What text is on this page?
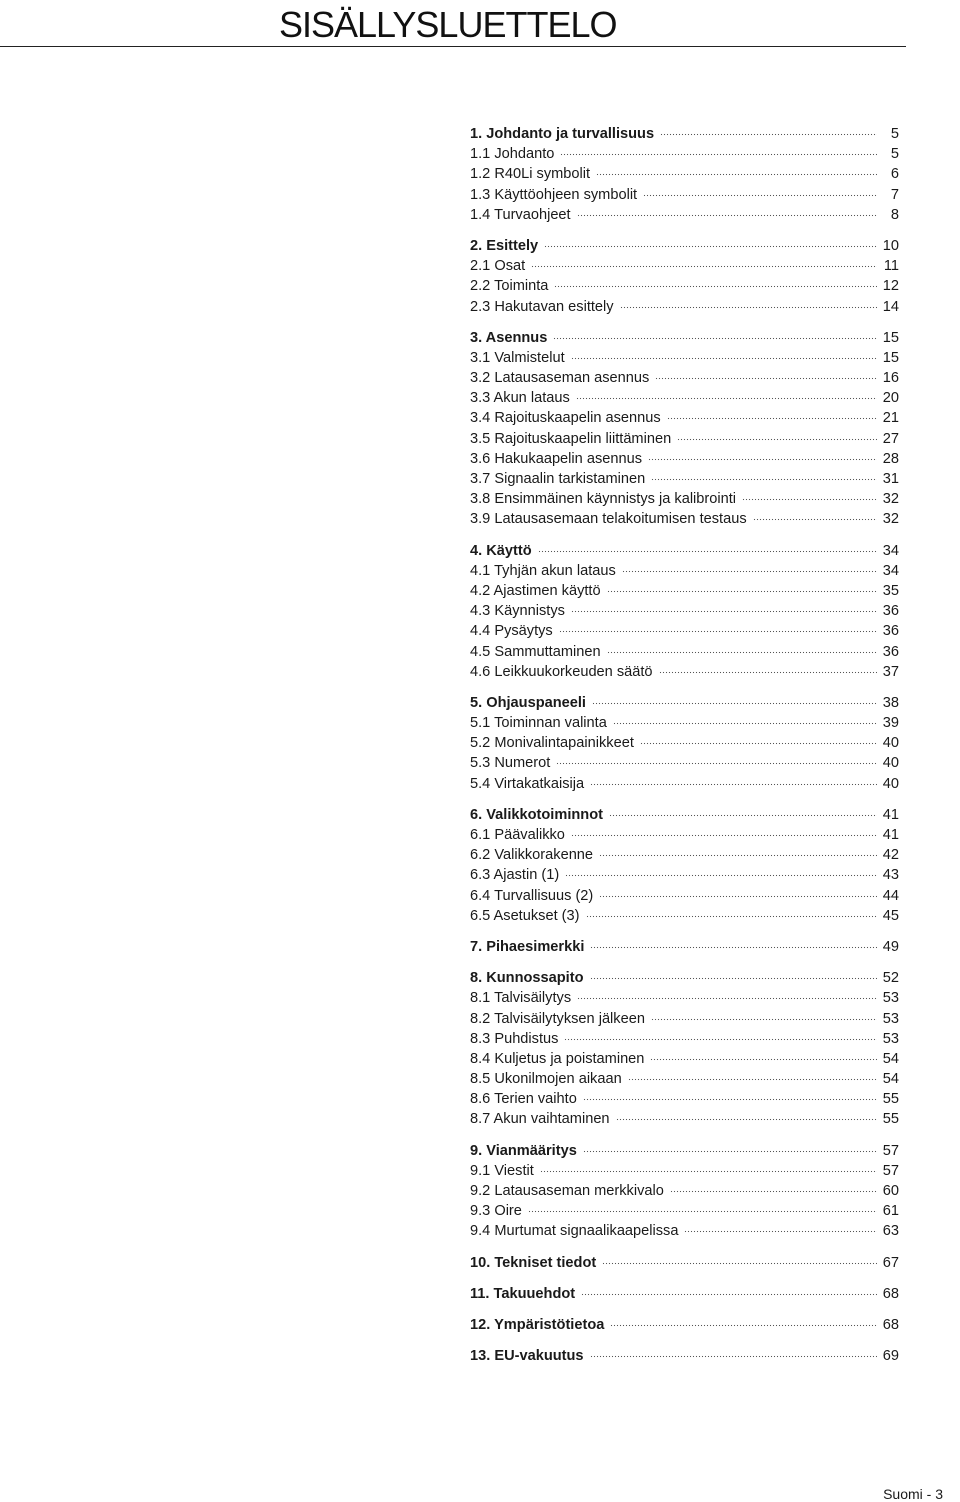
SISÄLLYSLUETTELO
1. Johdanto ja turvallisuus	5
1.1 Johdanto	5
1.2 R40Li symbolit	6
1.3 Käyttöohjeen symbolit	7
1.4 Turvaohjeet	8
2. Esittely	10
2.1 Osat	11
2.2 Toiminta	12
2.3 Hakutavan esittely	14
3. Asennus	15
3.1 Valmistelut	15
3.2 Latausaseman asennus	16
3.3 Akun lataus	20
3.4 Rajoituskaapelin asennus	21
3.5 Rajoituskaapelin liittäminen	27
3.6 Hakukaapelin asennus	28
3.7 Signaalin tarkistaminen	31
3.8 Ensimmäinen käynnistys ja kalibrointi	32
3.9 Latausasemaan telakoitumisen testaus	32
4. Käyttö	34
4.1 Tyhjän akun lataus	34
4.2 Ajastimen käyttö	35
4.3 Käynnistys	36
4.4 Pysäytys	36
4.5 Sammuttaminen	36
4.6 Leikkuukorkeuden säätö	37
5. Ohjauspaneeli	38
5.1 Toiminnan valinta	39
5.2 Monivalintapainikkeet	40
5.3 Numerot	40
5.4 Virtakatkaisija	40
6. Valikkotoiminnot	41
6.1 Päävalikko	41
6.2 Valikkorakenne	42
6.3 Ajastin (1)	43
6.4 Turvallisuus (2)	44
6.5 Asetukset (3)	45
7. Pihaesimerkki	49
8. Kunnossapito	52
8.1 Talvisäilytys	53
8.2 Talvisäilytyksen jälkeen	53
8.3 Puhdistus	53
8.4 Kuljetus ja poistaminen	54
8.5 Ukonilmojen aikaan	54
8.6 Terien vaihto	55
8.7 Akun vaihtaminen	55
9. Vianmääritys	57
9.1 Viestit	57
9.2 Latausaseman merkkivalo	60
9.3 Oire	61
9.4 Murtumat signaalikaapelissa	63
10. Tekniset tiedot	67
11. Takuuehdot	68
12. Ympäristötietoa	68
13. EU-vakuutus	69
Suomi - 3
